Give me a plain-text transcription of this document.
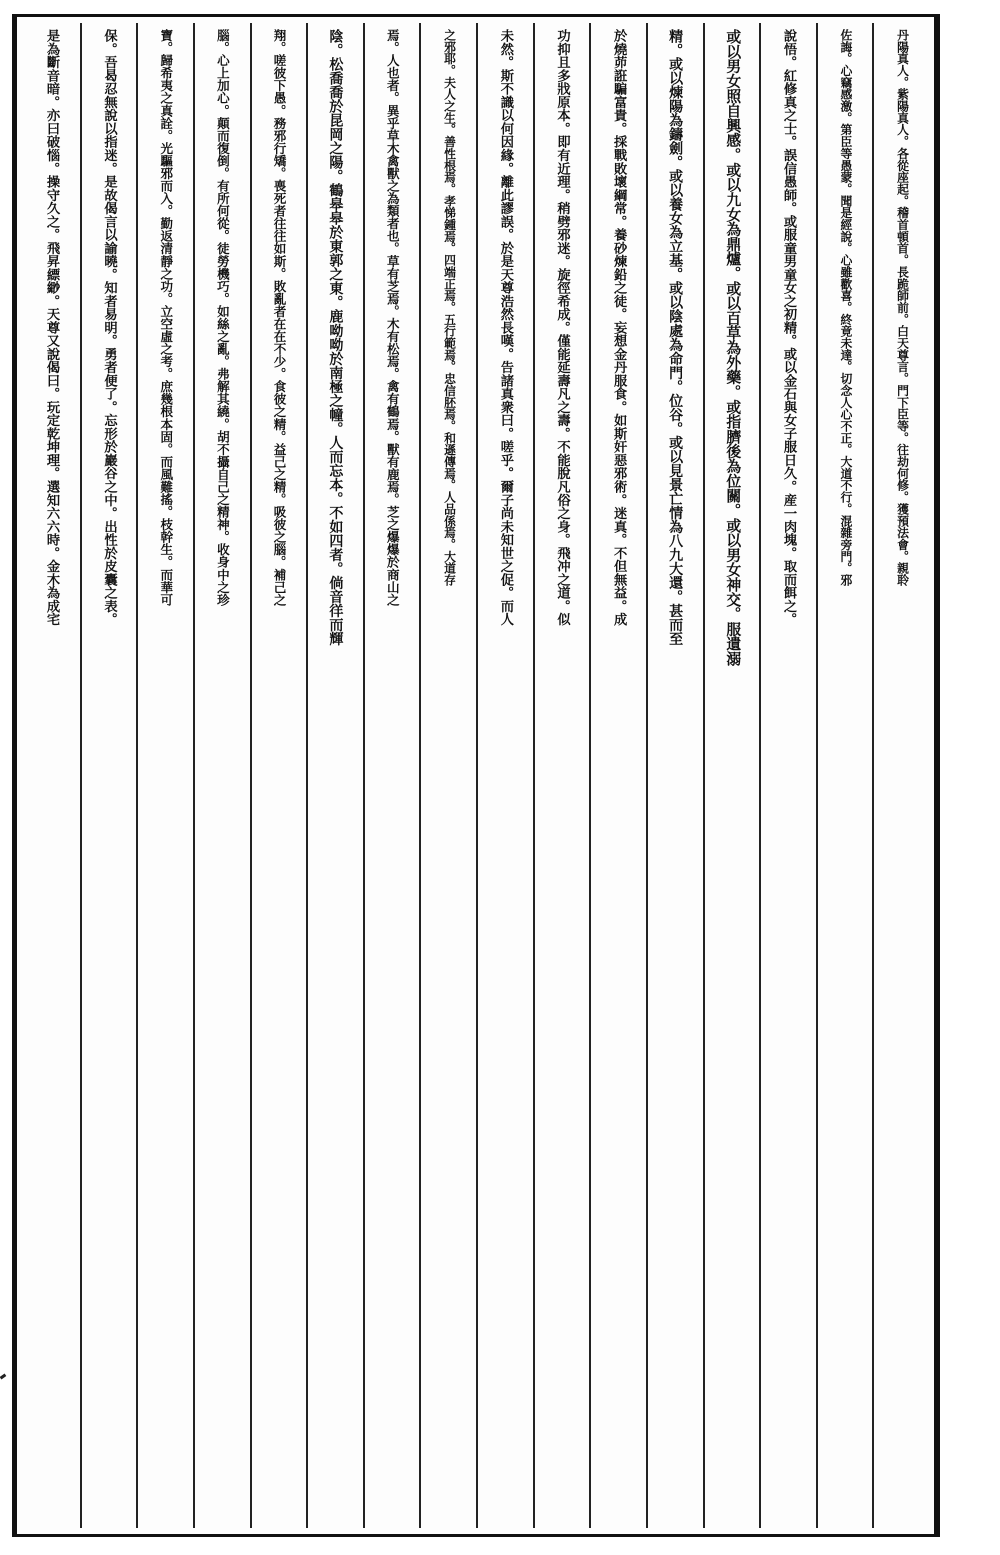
丹陽真人。紫陽真人。各從座起。稽首頓首。長跪師前。白天尊言。門下臣等。往劫何修。獲預法會。親聆
佐誨。心竊感激。第臣等愚蒙。聞是經說。心雖歡喜。終竟未達。切念人心不正。大道不行。混雜旁門。邪
說悟。紅修真之士。誤信愚師。或服童男童女之初精。或以金石與女子服日久。産一肉塊。取而餌之。
或以男女照自興感。或以九女為鼎爐。或以百草為外藥。或指臍後為位關。或以男女神交。服遺溺
精。或以煉陽為鑄劍。或以養女為立基。或以陰處為命門。位谷。或以見景亡情為八九大還。甚而至
於燒茆誑騙富貴。採戰敗壞綱常。養砂煉鉛之徒。妄想金丹服食。如斯奸惡邪術。迷真。不但無益。成
功抑且多戕原本。即有近理。稍劈邪迷。旋徑希成。僅能延壽凡之壽。不能脫凡俗之身。飛冲之道。似
未然。斯不識以何因緣。離此謬誤。於是天尊浩然長嘆。告諸真衆曰。嗟乎。爾子尚未知世之促。而人
之邪耶。夫人之生。善性根焉。孝悌鍾焉。四端正焉。五行範焉。忠信胚焉。和遜傳焉。人品係焉。大道存
焉。人也者。異乎草木禽獸之為類者也。草有芝焉。木有松焉。禽有鶴焉。獸有鹿焉。芝之爆爆於商山之
陰。松喬喬於昆岡之陽。鶴皋皋於東郭之東。鹿呦呦於南極之幢。人而忘本。不如四者。倘音徉而輝
翔。嗟彼下愚。務邪行矯。喪死者往往如斯。敗亂者在在不少。食彼之精。益己之精。吸彼之腦。補己之
腦。心上加心。顛而復倒。有所何從。徒勞機巧。如絲之亂。弗解其繞。胡不攝自己之精神。收身中之珍
寶。歸希夷之真詮。光驅邪而入。勤返清靜之功。立空虛之考。庶幾根本固。而風難搖。枝幹生。而華可
保。吾曷忍無說以指迷。是故偈言以諭曉。知者易明。勇者便了。忘形於巖谷之中。出性於皮囊之表。
是為斷音暗。亦曰破惱。操守久之。飛昇縹緲。天尊又說偈曰。玩定乾坤理。選知六六時。金木為成宅
